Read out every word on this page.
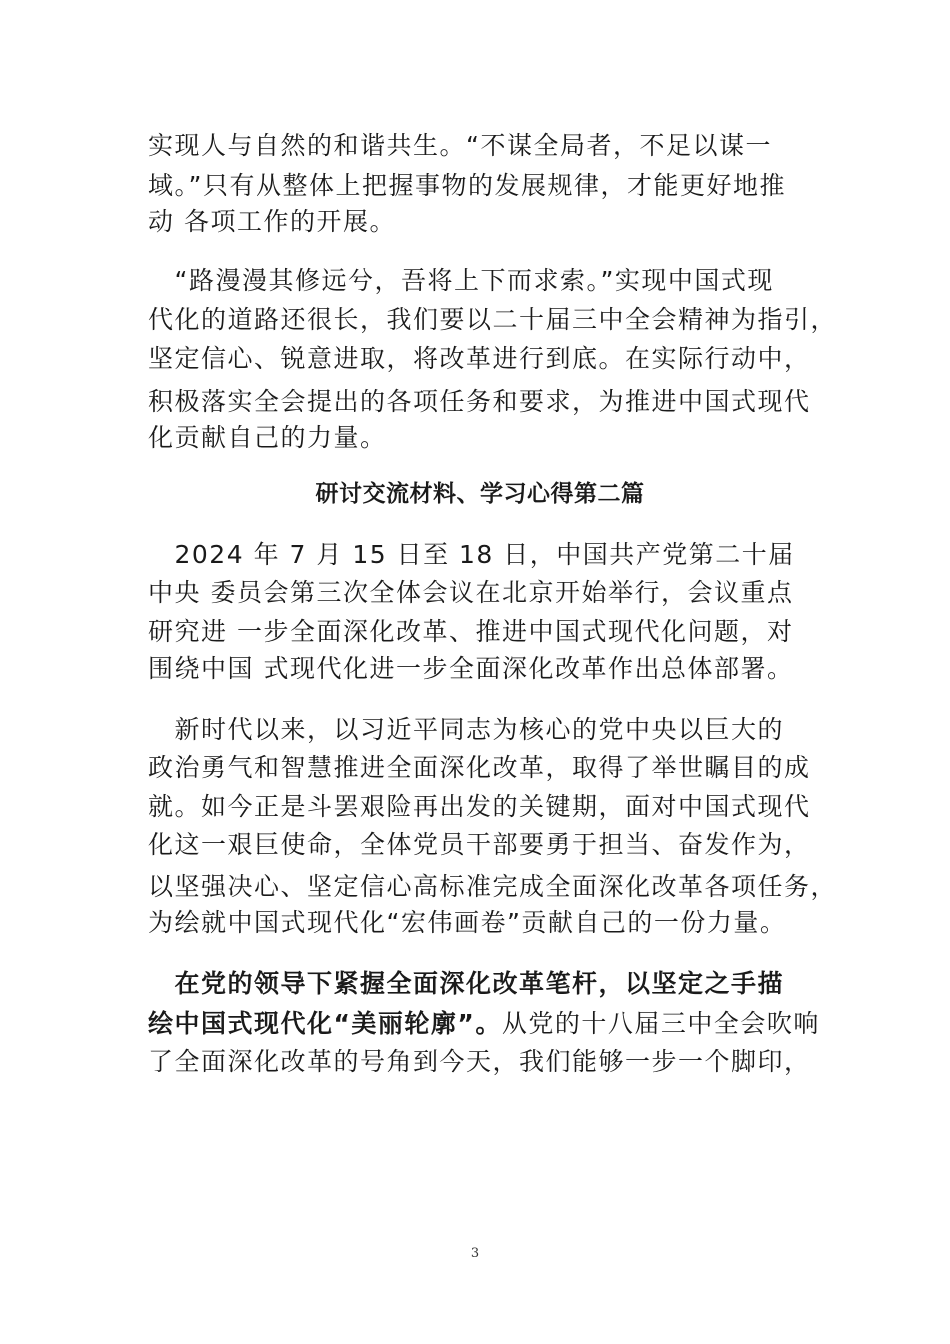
实现人与自然的和谐共生。“不谋全局者，不足以谋一
域。”只有从整体上把握事物的发展规律，才能更好地推
动 各项工作的开展。
　“路漫漫其修远兮，吾将上下而求索。”实现中国式现
代化的道路还很长，我们要以二十届三中全会精神为指引，
坚定信心、锐意进取，将改革进行到底。在实际行动中，
积极落实全会提出的各项任务和要求，为推进中国式现代
化贡献自己的力量。
研讨交流材料、学习心得第二篇
　2024 年 7 月 15 日至 18 日，中国共产党第二十届
中央 委员会第三次全体会议在北京开始举行，会议重点
研究进 一步全面深化改革、推进中国式现代化问题，对
围绕中国 式现代化进一步全面深化改革作出总体部署。
　新时代以来，以习近平同志为核心的党中央以巨大的
政治勇气和智慧推进全面深化改革，取得了举世瞩目的成
就。如今正是斗罢艰险再出发的关键期，面对中国式现代
化这一艰巨使命，全体党员干部要勇于担当、奋发作为，
以坚强决心、坚定信心高标准完成全面深化改革各项任务，
为绘就中国式现代化“宏伟画卷”贡献自己的一份力量。
　在党的领导下紧握全面深化改革笔杆，以坚定之手描
绘中国式现代化“美丽轮廓”。从党的十八届三中全会吹响
了全面深化改革的号角到今天，我们能够一步一个脚印，
3
